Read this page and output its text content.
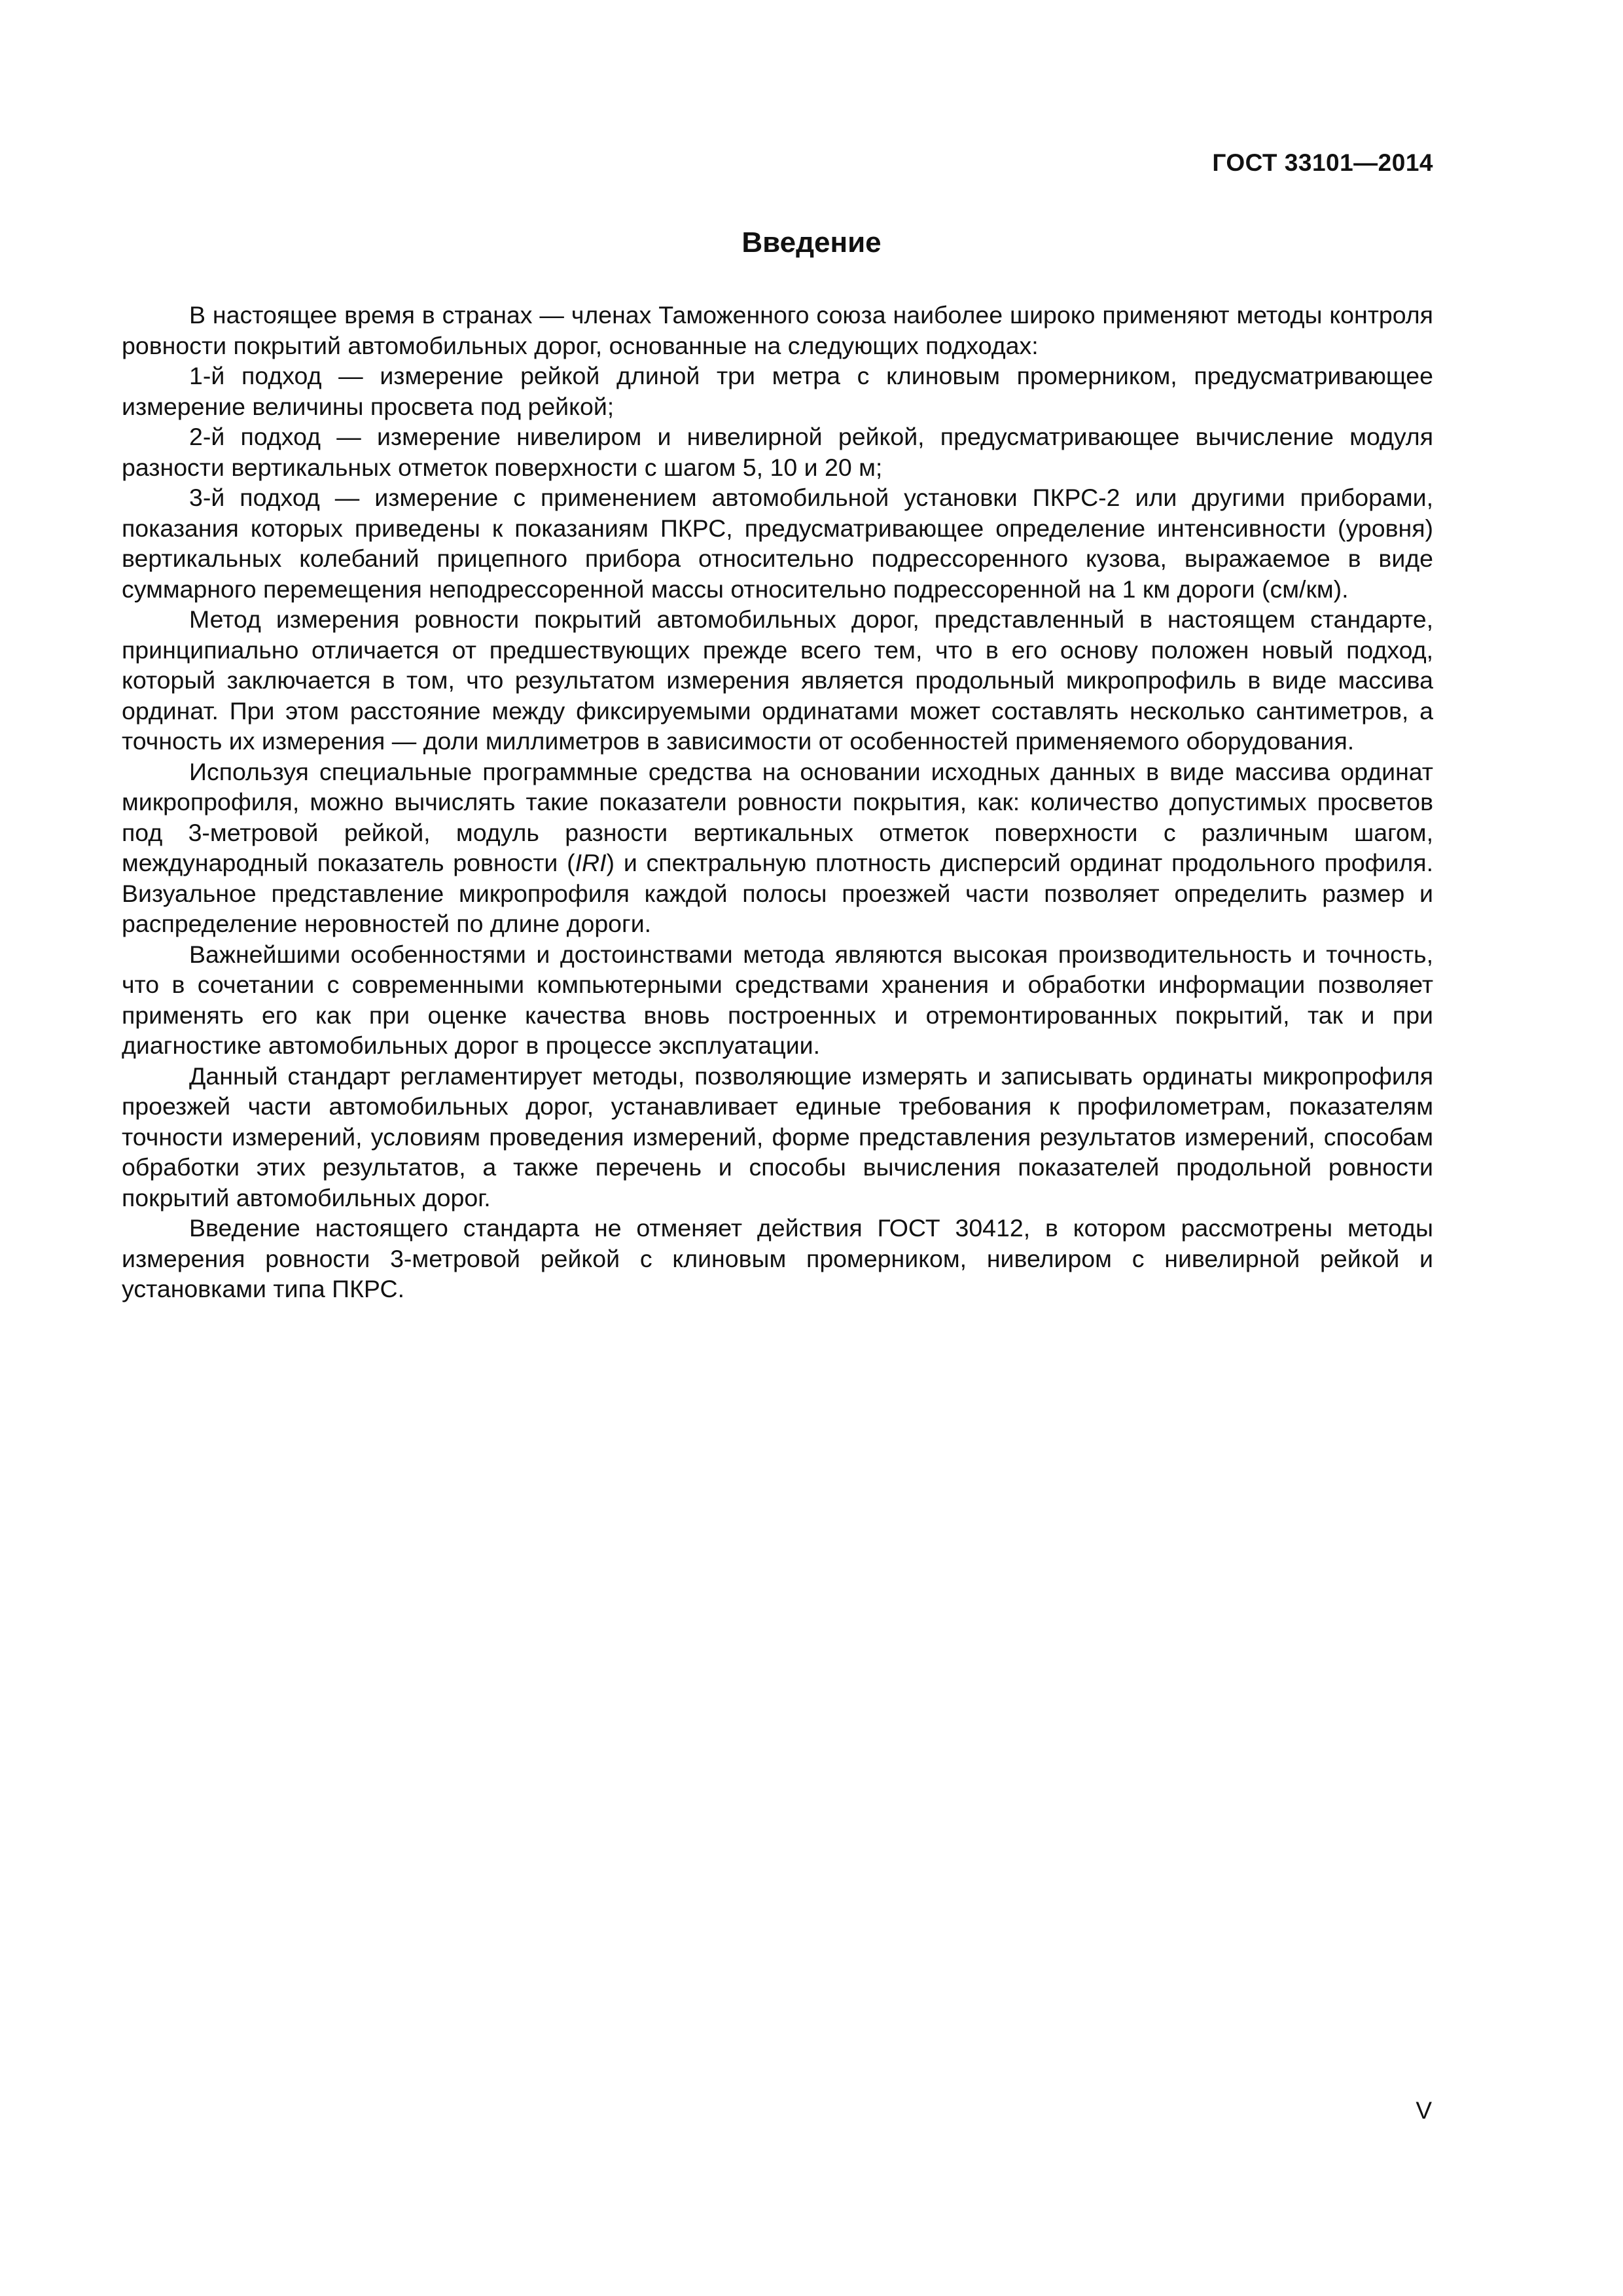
ГОСТ 33101—2014
Введение

В настоящее время в странах — членах Таможенного союза наиболее широко применяют методы контроля ровности покрытий автомобильных дорог, основанные на следующих подходах:

1-й подход — измерение рейкой длиной три метра с клиновым промерником, предусматривающее измерение величины просвета под рейкой;

2-й подход — измерение нивелиром и нивелирной рейкой, предусматривающее вычисление модуля разности вертикальных отметок поверхности с шагом 5, 10 и 20 м;

3-й подход — измерение с применением автомобильной установки ПКРС-2 или другими приборами, показания которых приведены к показаниям ПКРС, предусматривающее определение интенсивности (уровня) вертикальных колебаний прицепного прибора относительно подрессоренного кузова, выражаемое в виде суммарного перемещения неподрессоренной массы относительно подрессоренной на 1 км дороги (см/км).

Метод измерения ровности покрытий автомобильных дорог, представленный в настоящем стандарте, принципиально отличается от предшествующих прежде всего тем, что в его основу положен новый подход, который заключается в том, что результатом измерения является продольный микропрофиль в виде массива ординат. При этом расстояние между фиксируемыми ординатами может составлять несколько сантиметров, а точность их измерения — доли миллиметров в зависимости от особенностей применяемого оборудования.

Используя специальные программные средства на основании исходных данных в виде массива ординат микропрофиля, можно вычислять такие показатели ровности покрытия, как: количество допустимых просветов под 3-метровой рейкой, модуль разности вертикальных отметок поверхности с различным шагом, международный показатель ровности (IRI) и спектральную плотность дисперсий ординат продольного профиля. Визуальное представление микропрофиля каждой полосы проезжей части позволяет определить размер и распределение неровностей по длине дороги.

Важнейшими особенностями и достоинствами метода являются высокая производительность и точность, что в сочетании с современными компьютерными средствами хранения и обработки информации позволяет применять его как при оценке качества вновь построенных и отремонтированных покрытий, так и при диагностике автомобильных дорог в процессе эксплуатации.

Данный стандарт регламентирует методы, позволяющие измерять и записывать ординаты микропрофиля проезжей части автомобильных дорог, устанавливает единые требования к профилометрам, показателям точности измерений, условиям проведения измерений, форме представления результатов измерений, способам обработки этих результатов, а также перечень и способы вычисления показателей продольной ровности покрытий автомобильных дорог.

Введение настоящего стандарта не отменяет действия ГОСТ 30412, в котором рассмотрены методы измерения ровности 3-метровой рейкой с клиновым промерником, нивелиром с нивелирной рейкой и установками типа ПКРС.

V
